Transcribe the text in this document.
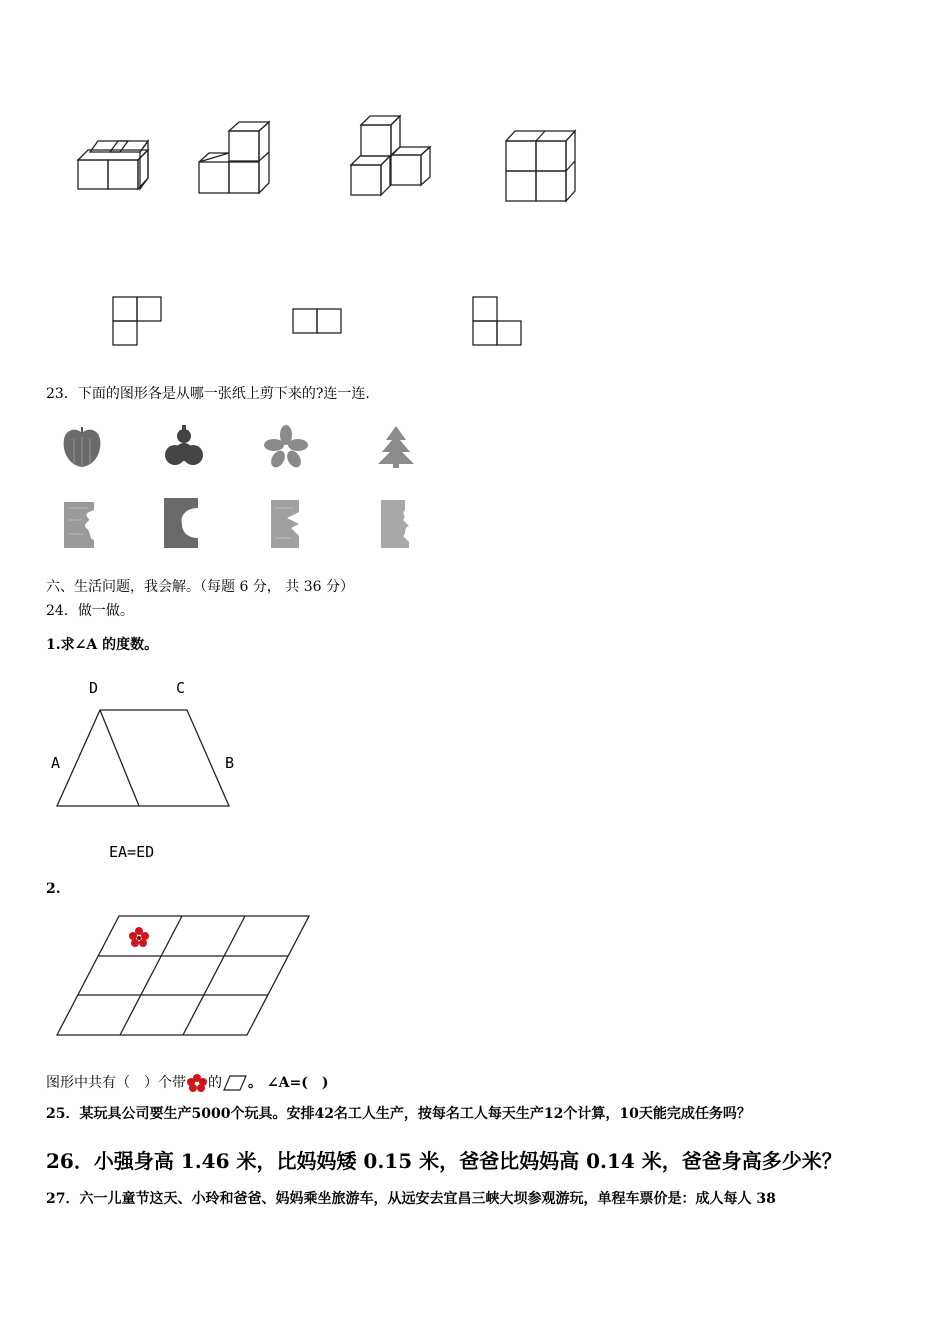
23．下面的图形各是从哪一张纸上剪下来的?连一连.
六、生活问题，我会解。（每题 6 分， 共 36 分）
24．做一做。
1.求∠A 的度数。
D	C
A	B
EA=ED
2.
图形中共有（　）个带 的 。 ∠A=(　)
25．某玩具公司要生产5000个玩具。安排42名工人生产，按每名工人每天生产12个计算，10天能完成任务吗？
26．小强身高 1.46 米，比妈妈矮 0.15 米，爸爸比妈妈高 0.14 米，爸爸身高多少米？
27．六一儿童节这天、小玲和爸爸、妈妈乘坐旅游车，从远安去宜昌三峡大坝参观游玩，单程车票价是：成人每人 38
